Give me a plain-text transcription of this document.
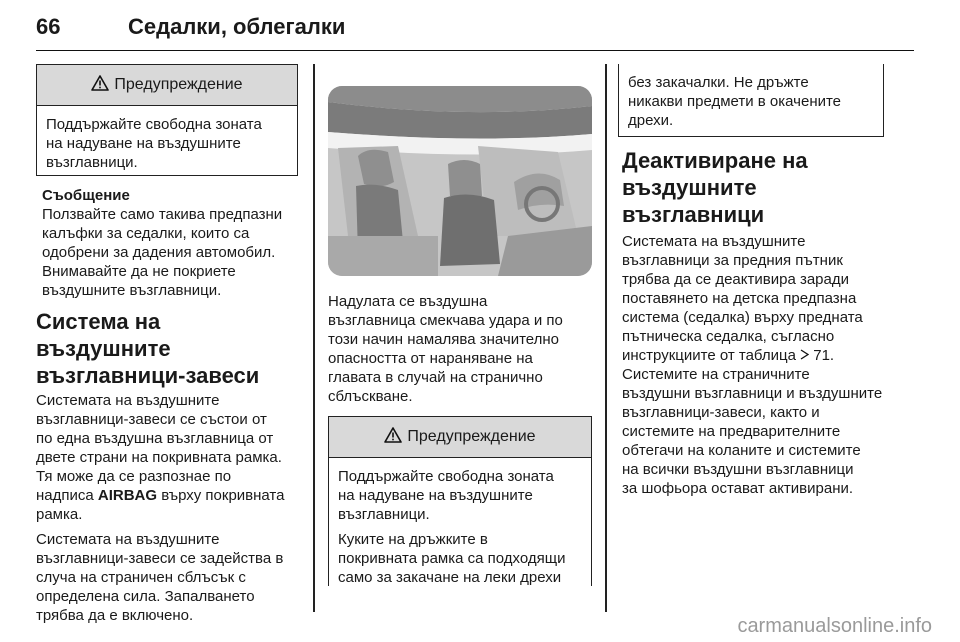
66	Седалки, облегалки
Предупреждение

Поддържайте свободна зоната
на надуване на въздушните
възглавници.

Съобщение

Ползвайте само такива предпазни
калъфки за седалки, които са
одобрени за дадения автомобил.
Внимавайте да не покриете
въздушните възглавници.

Система на въздушните
възглавници-завеси

Системата на въздушните
възглавници-завеси се състои от
по една въздушна възглавница от
двете страни на покривната рамка.
Тя може да се разпознае по
надписа AIRBAG върху покривната
рамка.

Системата на въздушните
възглавници-завеси се задейства в
случа на страничен сблъсък с
определена сила. Запалването
трябва да е включено.

Надулата се въздушна
възглавница смекчава удара и по
този начин намалява значително
опасността от нараняване на
главата в случай на странично
сблъскване.

Предупреждение

Поддържайте свободна зоната
на надуване на въздушните
възглавници.

Куките на дръжките в
покривната рамка са подходящи
само за закачане на леки дрехи

без закачалки. Не дръжте
никакви предмети в окачените
дрехи.

Деактивиране на
въздушните възглавници

Системата на въздушните
възглавници за предния пътник
трябва да се деактивира заради
поставянето на детска предпазна
система (седалка) върху предната
пътническа седалка, съгласно
инструкциите от таблица  71.
Системите на страничните
въздушни възглавници и въздушните
възглавници-завеси, както и
системите на предварителните
обтегачи на коланите и системите
на всички въздушни възглавници
за шофьора остават активирани.

carmanualsonline.info
